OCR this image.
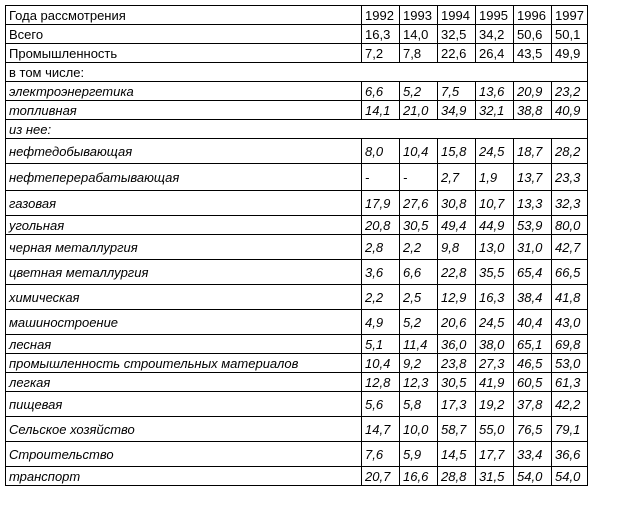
Года рассмотрения	1992	1993	1994	1995	1996	1997
Всего	16,3	14,0	32,5	34,2	50,6	50,1
Промышленность	7,2	7,8	22,6	26,4	43,5	49,9
в том числе:						
электроэнергетика	6,6	5,2	7,5	13,6	20,9	23,2
топливная	14,1	21,0	34,9	32,1	38,8	40,9
из нее:						
нефтедобывающая	8,0	10,4	15,8	24,5	18,7	28,2
нефтеперерабатывающая	-	-	2,7	1,9	13,7	23,3
газовая	17,9	27,6	30,8	10,7	13,3	32,3
угольная	20,8	30,5	49,4	44,9	53,9	80,0
черная металлургия	2,8	2,2	9,8	13,0	31,0	42,7
цветная металлургия	3,6	6,6	22,8	35,5	65,4	66,5
химическая	2,2	2,5	12,9	16,3	38,4	41,8
машиностроение	4,9	5,2	20,6	24,5	40,4	43,0
лесная	5,1	11,4	36,0	38,0	65,1	69,8
промышленность строительных материалов	10,4	9,2	23,8	27,3	46,5	53,0
легкая	12,8	12,3	30,5	41,9	60,5	61,3
пищевая	5,6	5,8	17,3	19,2	37,8	42,2
Сельское хозяйство	14,7	10,0	58,7	55,0	76,5	79,1
Строительство	7,6	5,9	14,5	17,7	33,4	36,6
транспорт	20,7	16,6	28,8	31,5	54,0	54,0
